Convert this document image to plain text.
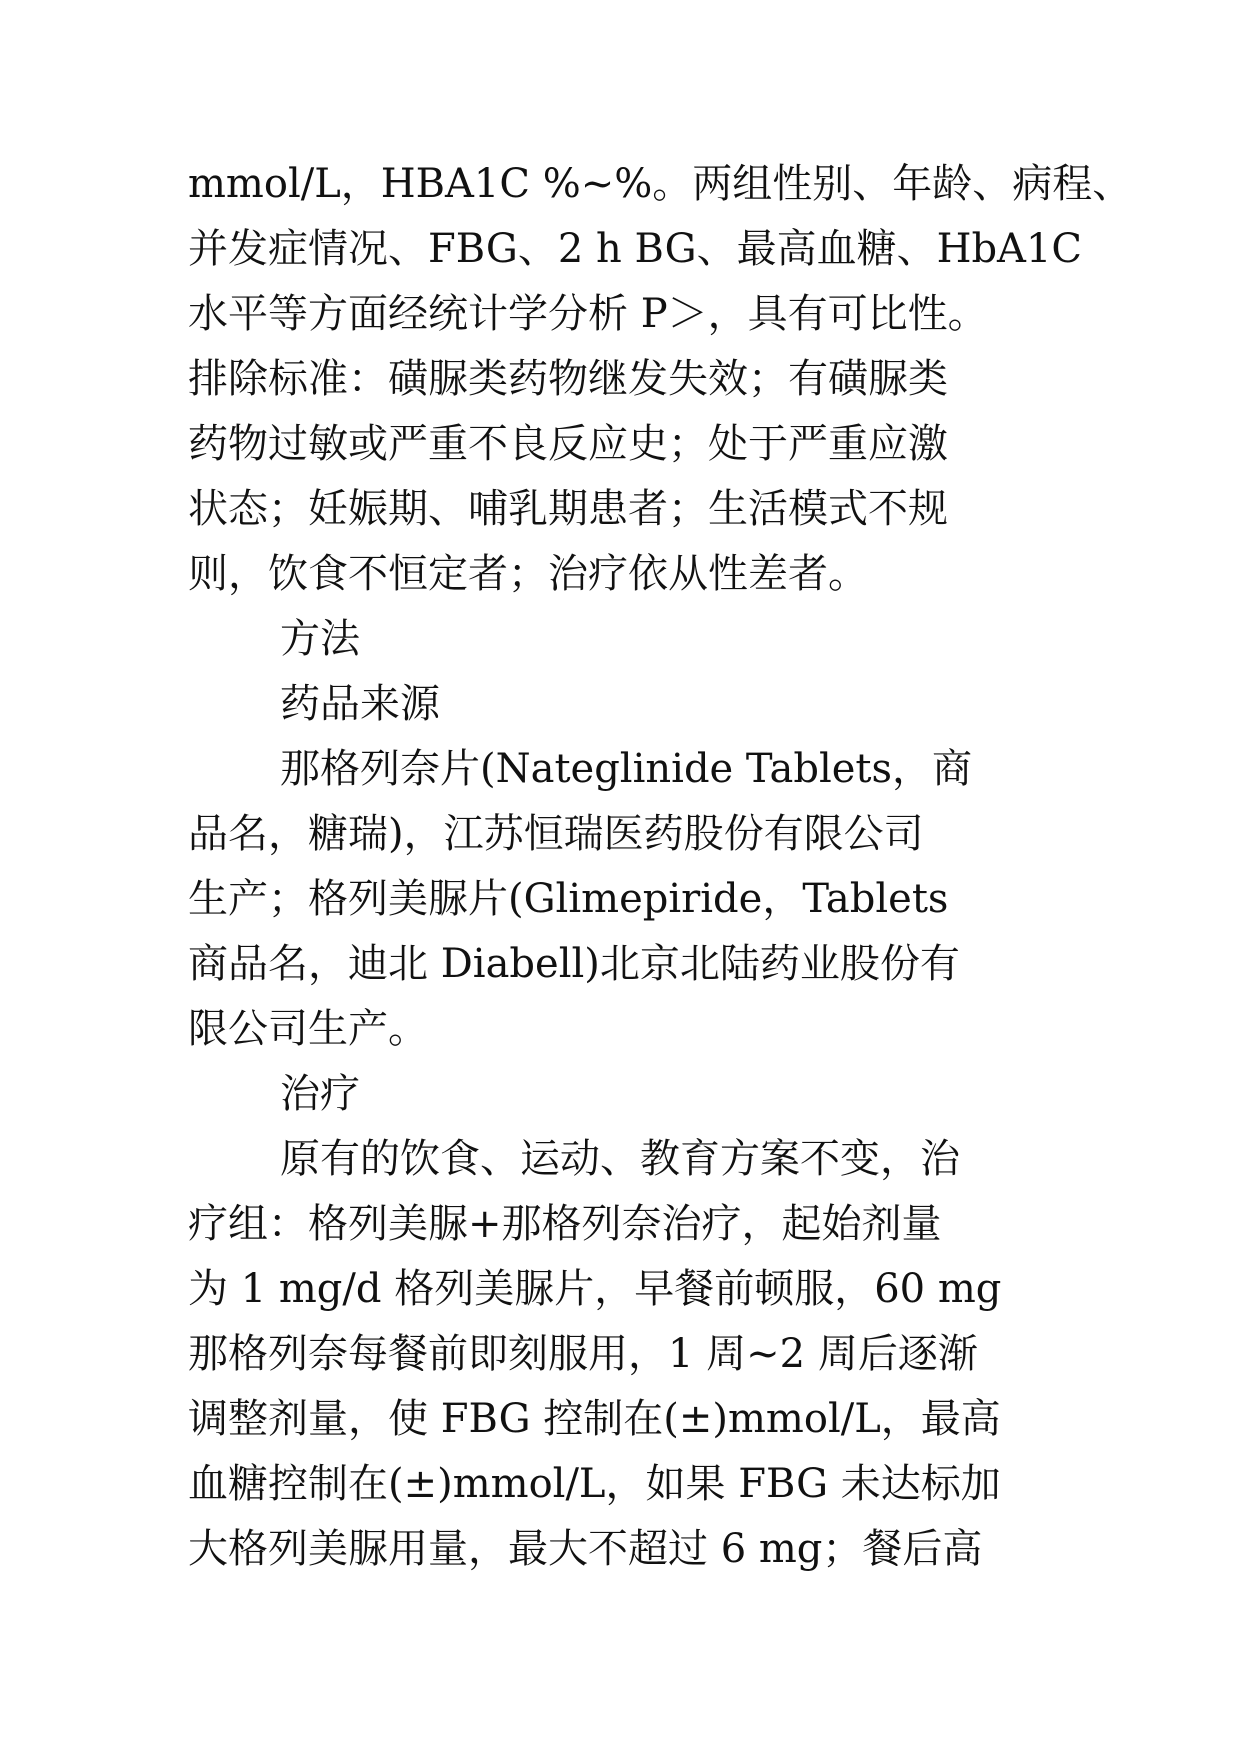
mmol/L，HBA1C %~%。两组性别、年龄、病程、
并发症情况、FBG、2 h BG、最高血糖、HbA1C
水平等方面经统计学分析 P＞，具有可比性。
排除标准：磺脲类药物继发失效；有磺脲类
药物过敏或严重不良反应史；处于严重应激
状态；妊娠期、哺乳期患者；生活模式不规
则，饮食不恒定者；治疗依从性差者。
方法
药品来源
那格列奈片(Nateglinide Tablets，商
品名，糖瑞)，江苏恒瑞医药股份有限公司
生产；格列美脲片(Glimepiride，Tablets
商品名，迪北 Diabell)北京北陆药业股份有
限公司生产。
治疗
原有的饮食、运动、教育方案不变，治
疗组：格列美脲+那格列奈治疗，起始剂量
为 1 mg/d 格列美脲片，早餐前顿服，60 mg
那格列奈每餐前即刻服用，1 周~2 周后逐渐
调整剂量，使 FBG 控制在(±)mmol/L，最高
血糖控制在(±)mmol/L，如果 FBG 未达标加
大格列美脲用量，最大不超过 6 mg；餐后高
